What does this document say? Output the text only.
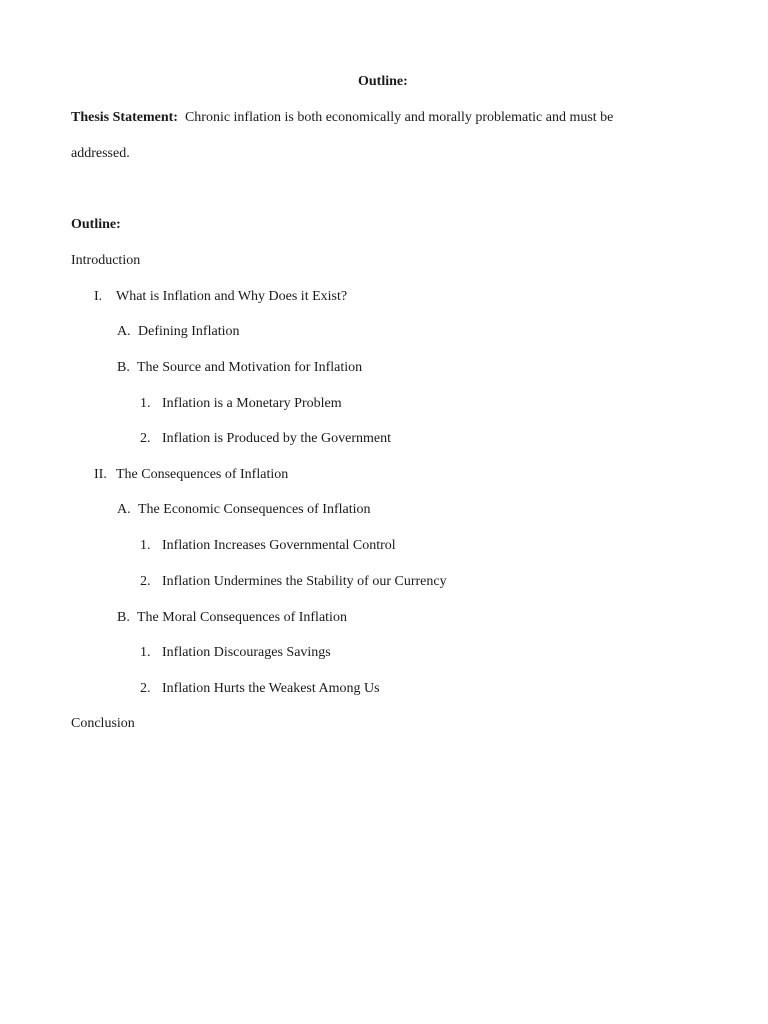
Outline:
Thesis Statement: Chronic inflation is both economically and morally problematic and must be
addressed.
Outline:
Introduction
I. What is Inflation and Why Does it Exist?
A. Defining Inflation
B. The Source and Motivation for Inflation
1. Inflation is a Monetary Problem
2. Inflation is Produced by the Government
II. The Consequences of Inflation
A. The Economic Consequences of Inflation
1. Inflation Increases Governmental Control
2. Inflation Undermines the Stability of our Currency
B. The Moral Consequences of Inflation
1. Inflation Discourages Savings
2. Inflation Hurts the Weakest Among Us
Conclusion
